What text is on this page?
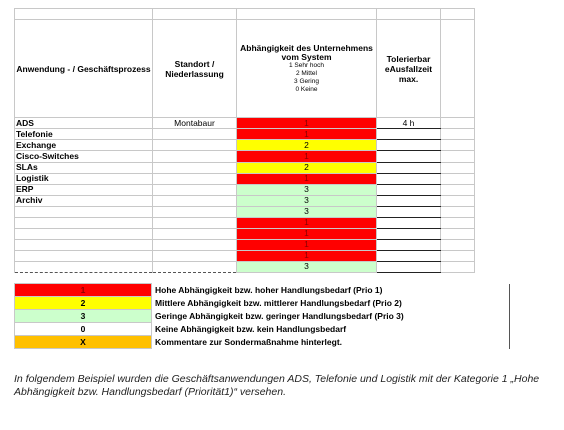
Anwendung - / Geschäftsprozess	Standort / Niederlassung	Abhängigkeit des Unternehmens vom System
1 Sehr hoch
2 Mittel
3 Gering
0 Keine	Tolerierbar eAusfallzeit max.	
ADS	Montabaur	1	4 h	
Telefonie		1		
Exchange		2		
Cisco-Switches		1		
SLAs		2		
Logistik		1		
ERP		3		
Archiv		3		
		3		
		1		
		1		
		1		
		1		
		3		
1	Hohe Abhängigkeit bzw. hoher Handlungsbedarf (Prio 1)
2	Mittlere Abhängigkeit bzw. mittlerer Handlungsbedarf (Prio 2)
3	Geringe Abhängigkeit bzw. geringer Handlungsbedarf (Prio 3)
0	Keine Abhängigkeit bzw. kein Handlungsbedarf
X	Kommentare zur Sondermaßnahme hinterlegt.
In folgendem Beispiel wurden die Geschäftsanwendungen ADS, Telefonie und Logistik mit der Kategorie 1 „Hohe Abhängigkeit bzw. Handlungsbedarf (Priorität1)“ versehen.
